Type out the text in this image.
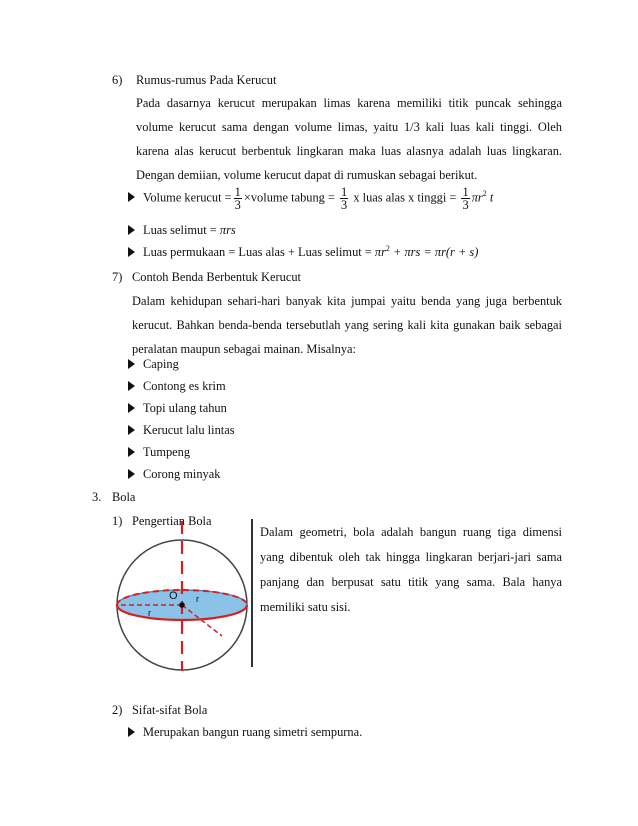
6) Rumus-rumus Pada Kerucut
Pada dasarnya kerucut merupakan limas karena memiliki titik puncak sehingga
volume kerucut sama dengan volume limas, yaitu 1/3 kali luas kali tinggi. Oleh
karena alas kerucut berbentuk lingkaran maka luas alasnya adalah luas lingkaran.
Dengan demiian, volume kerucut dapat di rumuskan sebagai berikut.
Volume kerucut = $\frac{1}{3}$ ×volume tabung = $\frac{1}{3}$ x luas alas x tinggi = $\frac{1}{3} \pi r^2$ t
Luas selimut = πrs
Luas permukaan = Luas alas + Luas selimut = $\pi r^2 + \pi rs = \pi r(r + s)$
7) Contoh Benda Berbentuk Kerucut
Dalam kehidupan sehari-hari banyak kita jumpai yaitu benda yang juga berbentuk
kerucut. Bahkan benda-benda tersebutlah yang sering kali kita gunakan baik sebagai
peralatan maupun sebagai mainan. Misalnya:
Caping
Contong es krim
Topi ulang tahun
Kerucut lalu lintas
Tumpeng
Corong minyak
3. Bola
1) Pengertian Bola
O
r
r
Dalam geometri, bola adalah bangun ruang tiga dimensi
yang dibentuk oleh tak hingga lingkaran berjari-jari sama
panjang dan berpusat satu titik yang sama. Bala hanya
memiliki satu sisi.
2) Sifat-sifat Bola
Merupakan bangun ruang simetri sempurna.
